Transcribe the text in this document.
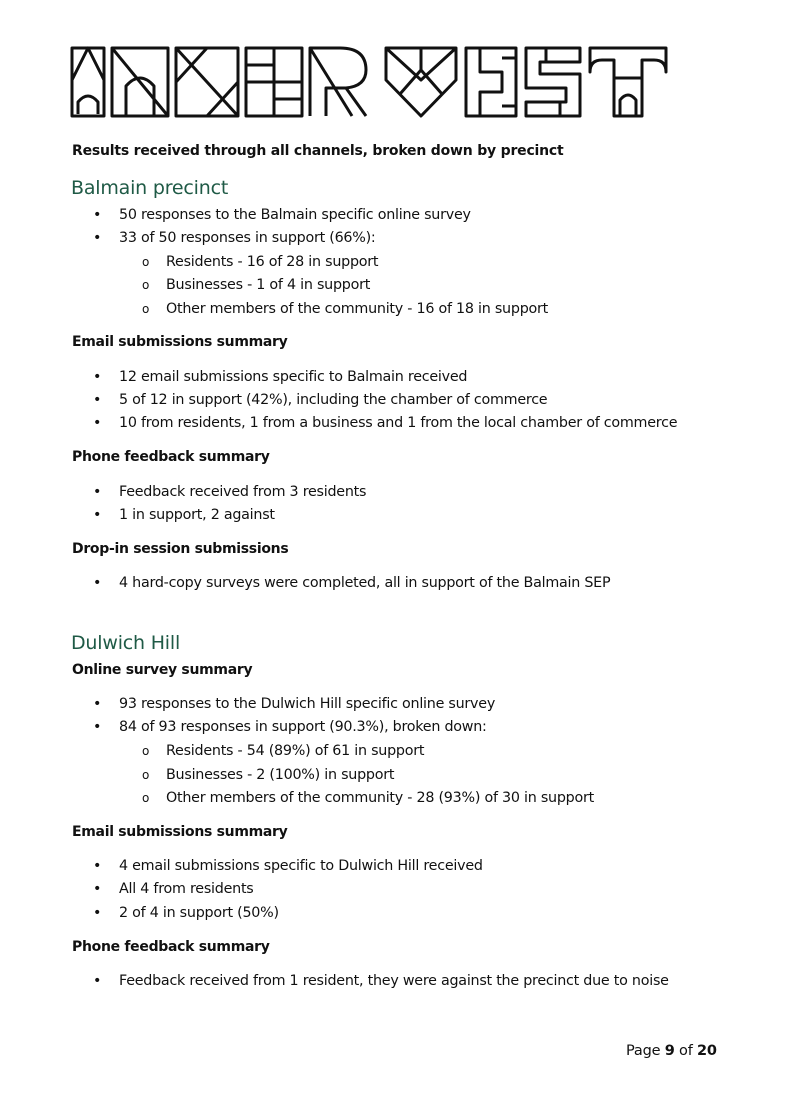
Results received through all channels, broken down by precinct
Balmain precinct
• 50 responses to the Balmain specific online survey
• 33 of 50 responses in support (66%):
o Residents - 16 of 28 in support
o Businesses - 1 of 4 in support
o Other members of the community - 16 of 18 in support
Email submissions summary
• 12 email submissions specific to Balmain received
• 5 of 12 in support (42%), including the chamber of commerce
• 10 from residents, 1 from a business and 1 from the local chamber of commerce
Phone feedback summary
• Feedback received from 3 residents
• 1 in support, 2 against
Drop-in session submissions
• 4 hard-copy surveys were completed, all in support of the Balmain SEP
Dulwich Hill
Online survey summary
• 93 responses to the Dulwich Hill specific online survey
• 84 of 93 responses in support (90.3%), broken down:
o Residents - 54 (89%) of 61 in support
o Businesses - 2 (100%) in support
o Other members of the community - 28 (93%) of 30 in support
Email submissions summary
• 4 email submissions specific to Dulwich Hill received
• All 4 from residents
• 2 of 4 in support (50%)
Phone feedback summary
• Feedback received from 1 resident, they were against the precinct due to noise
Page 9 of 20
